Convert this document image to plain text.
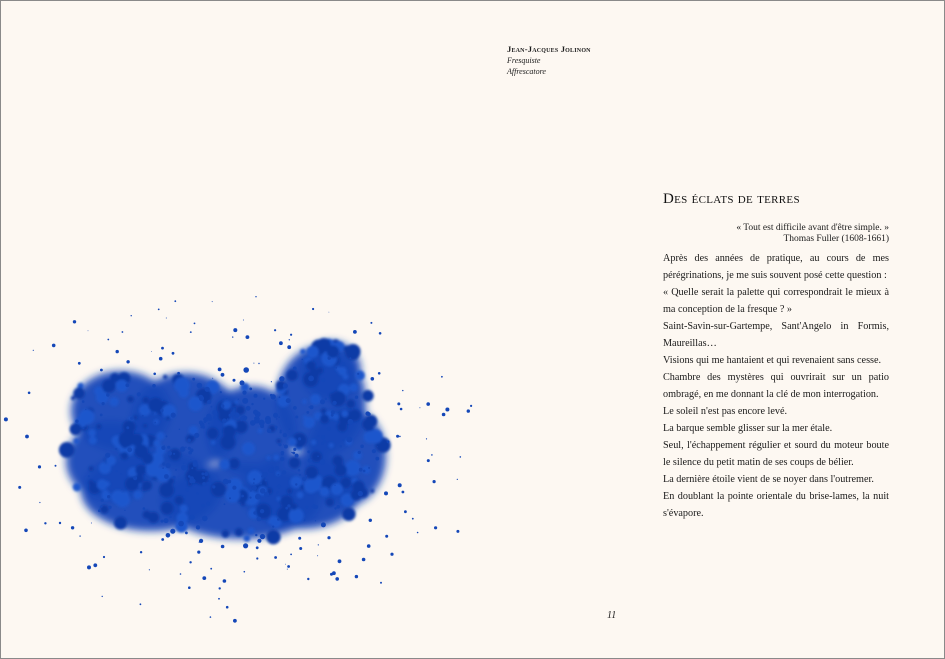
Jean-Jacques Jolinon
Fresquiste
Affrescatore
Des éclats de terres
« Tout est difficile avant d'être simple. »
Thomas Fuller (1608-1661)

Après des années de pratique, au cours de mes pérégrinations, je me suis souvent posé cette question :

« Quelle serait la palette qui correspondrait le mieux à ma conception de la fresque ? »

Saint-Savin-sur-Gartempe, Sant'Angelo in Formis, Maureillas…

Visions qui me hantaient et qui revenaient sans cesse.

Chambre des mystères qui ouvrirait sur un patio ombragé, en me donnant la clé de mon interrogation.

Le soleil n'est pas encore levé.

La barque semble glisser sur la mer étale.

Seul, l'échappement régulier et sourd du moteur boute le silence du petit matin de ses coups de bélier.

La dernière étoile vient de se noyer dans l'outremer.

En doublant la pointe orientale du brise-lames, la nuit s'évapore.

11
